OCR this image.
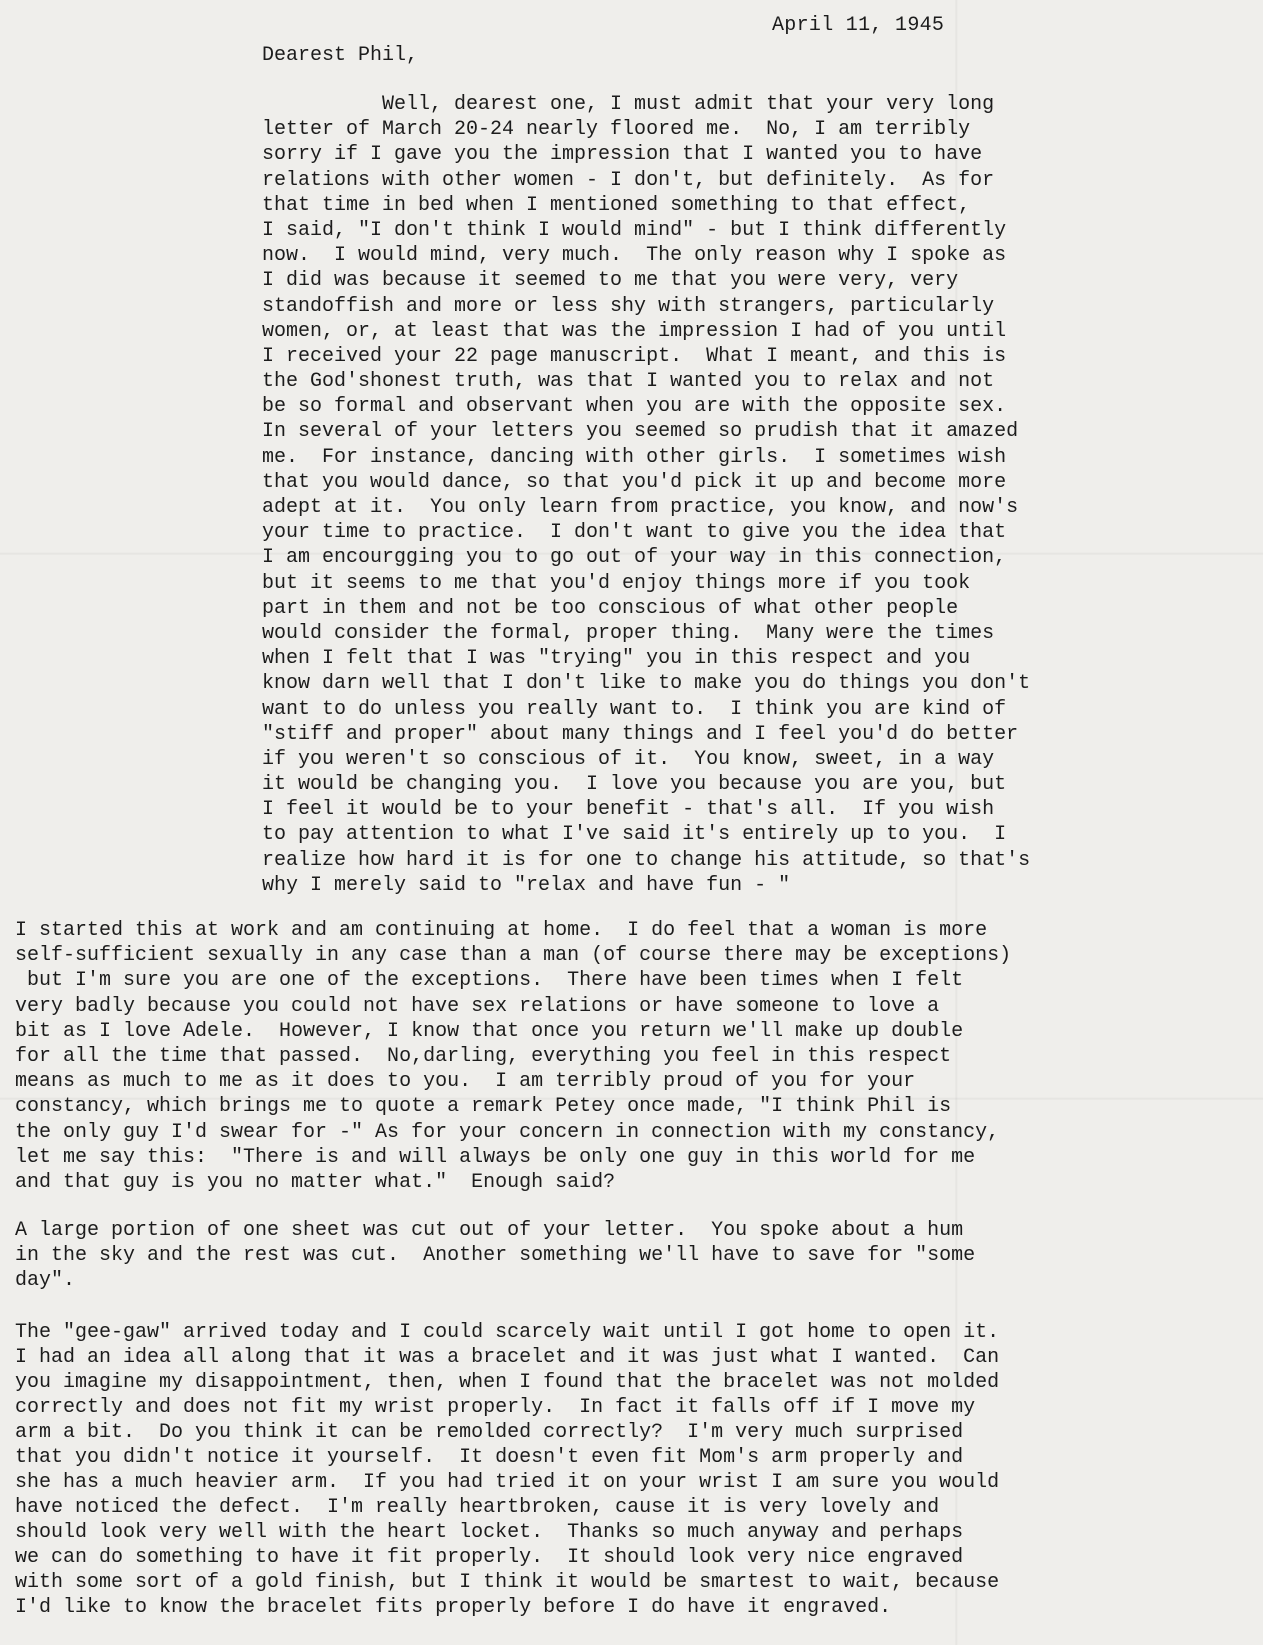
April 11, 1945
Dearest Phil,
Well, dearest one, I must admit that your very long
letter of March 20-24 nearly floored me.  No, I am terribly
sorry if I gave you the impression that I wanted you to have
relations with other women - I don't, but definitely.  As for
that time in bed when I mentioned something to that effect,
I said, "I don't think I would mind" - but I think differently
now.  I would mind, very much.  The only reason why I spoke as
I did was because it seemed to me that you were very, very
standoffish and more or less shy with strangers, particularly
women, or, at least that was the impression I had of you until
I received your 22 page manuscript.  What I meant, and this is
the God'shonest truth, was that I wanted you to relax and not
be so formal and observant when you are with the opposite sex.
In several of your letters you seemed so prudish that it amazed
me.  For instance, dancing with other girls.  I sometimes wish
that you would dance, so that you'd pick it up and become more
adept at it.  You only learn from practice, you know, and now's
your time to practice.  I don't want to give you the idea that
I am encourgging you to go out of your way in this connection,
but it seems to me that you'd enjoy things more if you took
part in them and not be too conscious of what other people
would consider the formal, proper thing.  Many were the times
when I felt that I was "trying" you in this respect and you
know darn well that I don't like to make you do things you don't
want to do unless you really want to.  I think you are kind of
"stiff and proper" about many things and I feel you'd do better
if you weren't so conscious of it.  You know, sweet, in a way
it would be changing you.  I love you because you are you, but
I feel it would be to your benefit - that's all.  If you wish
to pay attention to what I've said it's entirely up to you.  I
realize how hard it is for one to change his attitude, so that's
why I merely said to "relax and have fun - "
I started this at work and am continuing at home.  I do feel that a woman is more
self-sufficient sexually in any case than a man (of course there may be exceptions)
but I'm sure you are one of the exceptions.  There have been times when I felt
very badly because you could not have sex relations or have someone to love a
bit as I love Adele.  However, I know that once you return we'll make up double
for all the time that passed.  No,darling, everything you feel in this respect
means as much to me as it does to you.  I am terribly proud of you for your
constancy, which brings me to quote a remark Petey once made, "I think Phil is
the only guy I'd swear for -" As for your concern in connection with my constancy,
let me say this:  "There is and will always be only one guy in this world for me
and that guy is you no matter what."  Enough said?
A large portion of one sheet was cut out of your letter.  You spoke about a hum
in the sky and the rest was cut.  Another something we'll have to save for "some
day".
The "gee-gaw" arrived today and I could scarcely wait until I got home to open it.
I had an idea all along that it was a bracelet and it was just what I wanted.  Can
you imagine my disappointment, then, when I found that the bracelet was not molded
correctly and does not fit my wrist properly.  In fact it falls off if I move my
arm a bit.  Do you think it can be remolded correctly?  I'm very much surprised
that you didn't notice it yourself.  It doesn't even fit Mom's arm properly and
she has a much heavier arm.  If you had tried it on your wrist I am sure you would
have noticed the defect.  I'm really heartbroken, cause it is very lovely and
should look very well with the heart locket.  Thanks so much anyway and perhaps
we can do something to have it fit properly.  It should look very nice engraved
with some sort of a gold finish, but I think it would be smartest to wait, because
I'd like to know the bracelet fits properly before I do have it engraved.
